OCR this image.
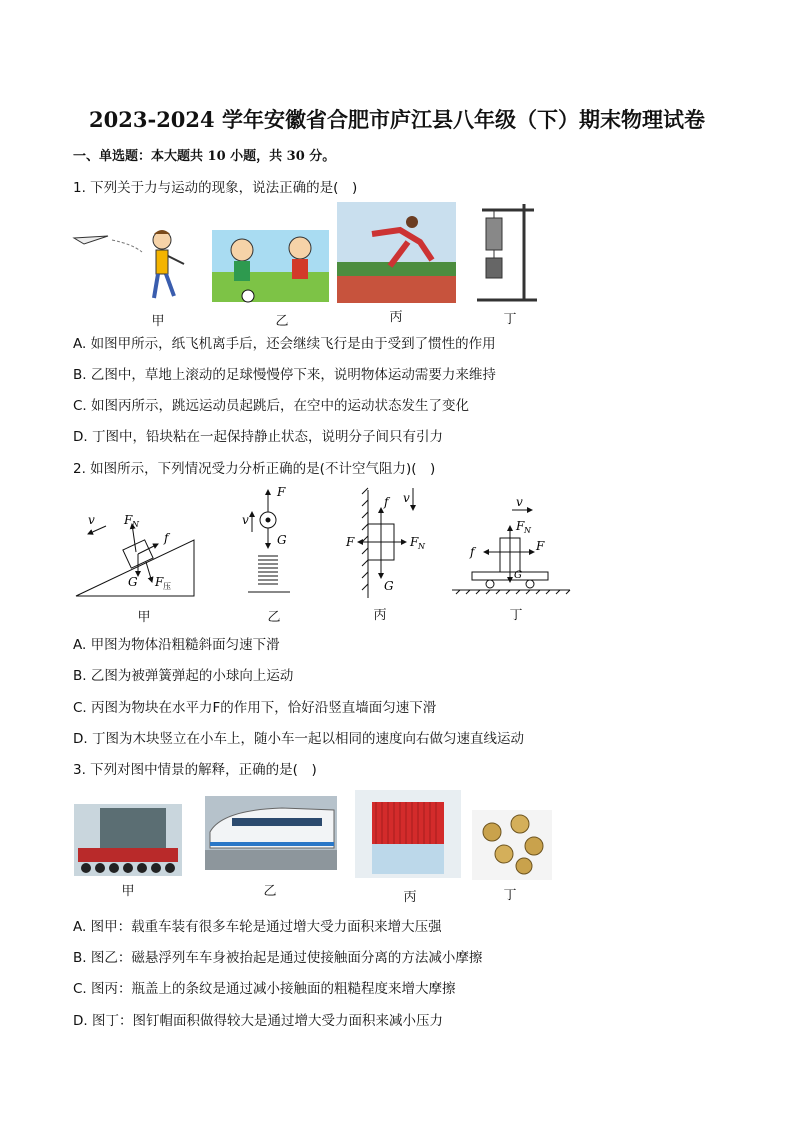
2023-2024 学年安徽省合肥市庐江县八年级（下）期末物理试卷
一、单选题：本大题共 10 小题，共 30 分。
1. 下列关于力与运动的现象，说法正确的是(　)
甲	乙	丙	丁
A. 如图甲所示，纸飞机离手后，还会继续飞行是由于受到了惯性的作用
B. 乙图中，草地上滚动的足球慢慢停下来，说明物体运动需要力来维持
C. 如图丙所示，跳远运动员起跳后，在空中的运动状态发生了变化
D. 丁图中，铅块粘在一起保持静止状态，说明分子间只有引力
2. 如图所示，下列情况受力分析正确的是(不计空气阻力)(　)
F N
f
G F 压
v
F
G
v
f
G
F	F N
v
F N
f	F
G
v
甲	乙	丙	丁
A. 甲图为物体沿粗糙斜面匀速下滑
B. 乙图为被弹簧弹起的小球向上运动
C. 丙图为物块在水平力F的作用下，恰好沿竖直墙面匀速下滑
D. 丁图为木块竖立在小车上，随小车一起以相同的速度向右做匀速直线运动
3. 下列对图中情景的解释，正确的是(　)
甲	乙	丙	丁
A. 图甲：载重车装有很多车轮是通过增大受力面积来增大压强
B. 图乙：磁悬浮列车车身被抬起是通过使接触面分离的方法减小摩擦
C. 图丙：瓶盖上的条纹是通过减小接触面的粗糙程度来增大摩擦
D. 图丁：图钉帽面积做得较大是通过增大受力面积来减小压力
